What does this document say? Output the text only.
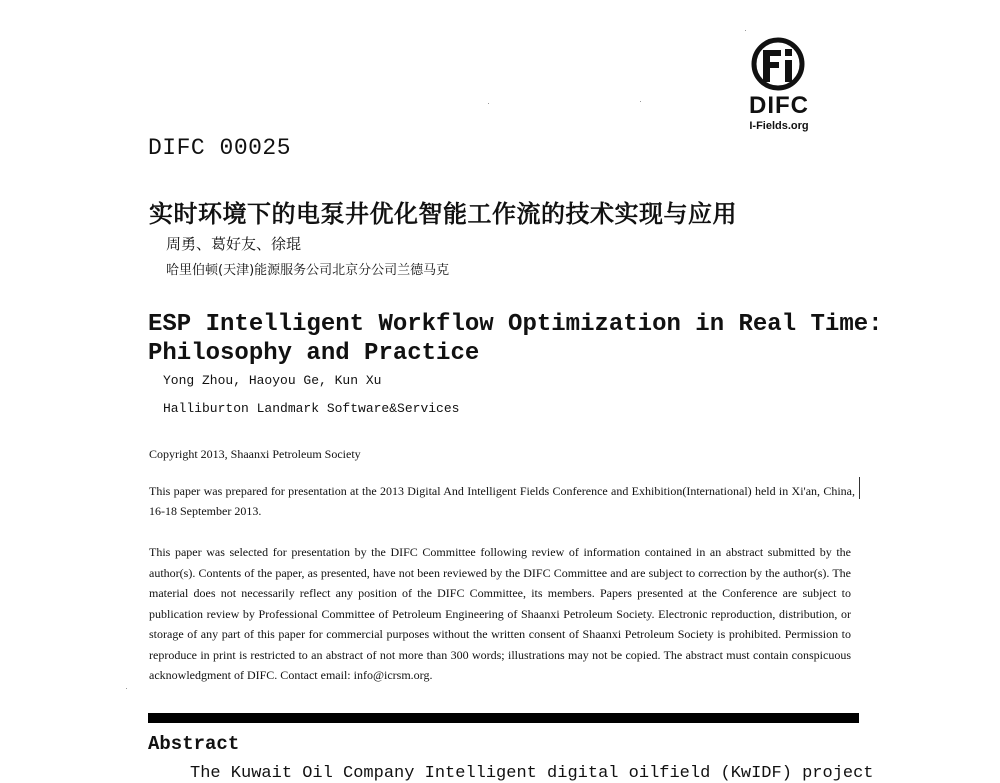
DIFC
I-Fields.org
DIFC 00025
实时环境下的电泵井优化智能工作流的技术实现与应用
周勇、葛好友、徐琨
哈里伯顿(天津)能源服务公司北京分公司兰德马克
ESP Intelligent Workflow Optimization in Real Time:
Philosophy and Practice
Yong Zhou, Haoyou Ge, Kun Xu
Halliburton Landmark Software&Services
Copyright 2013, Shaanxi Petroleum Society
This paper was prepared for presentation at the 2013 Digital And Intelligent Fields Conference and Exhibition(International) held in Xi'an, China, 16-18 September 2013.
This paper was selected for presentation by the DIFC Committee following review of information contained in an abstract submitted by the author(s). Contents of the paper, as presented, have not been reviewed by the DIFC Committee and are subject to correction by the author(s). The material does not necessarily reflect any position of the DIFC Committee, its members. Papers presented at the Conference are subject to publication review by Professional Committee of Petroleum Engineering of Shaanxi Petroleum Society. Electronic reproduction, distribution, or storage of any part of this paper for commercial purposes without the written consent of Shaanxi Petroleum Society is prohibited. Permission to reproduce in print is restricted to an abstract of not more than 300 words; illustrations may not be copied. The abstract must contain conspicuous acknowledgment of DIFC. Contact email: info@icrsm.org.
Abstract
The Kuwait Oil Company Intelligent digital oilfield (KwIDF) project
